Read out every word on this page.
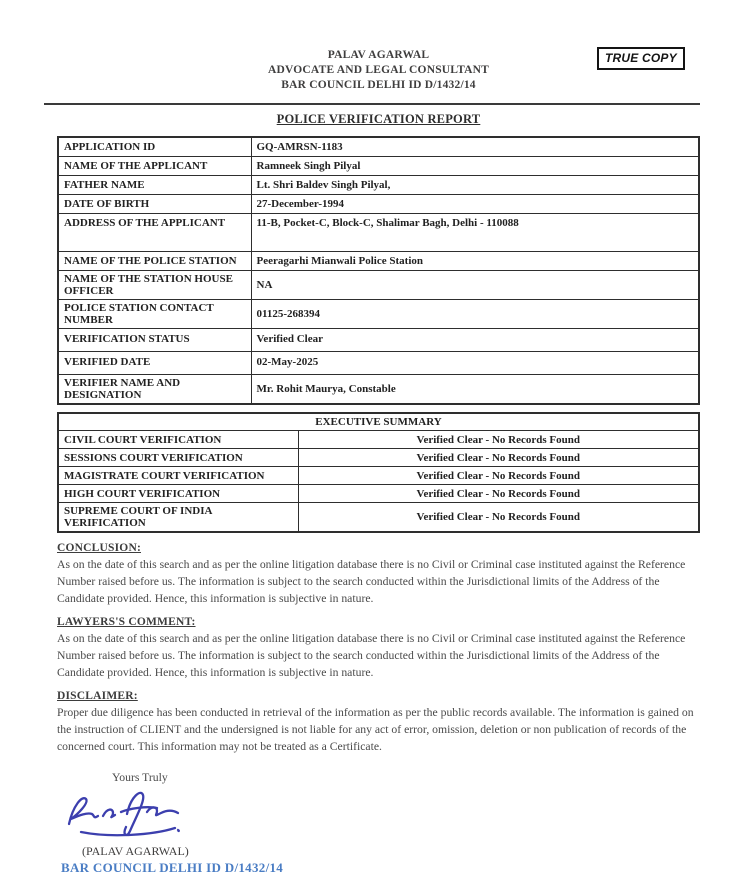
TRUE COPY
PALAV AGARWAL
ADVOCATE AND LEGAL CONSULTANT
BAR COUNCIL DELHI ID D/1432/14
POLICE VERIFICATION REPORT
APPLICATION ID	GQ-AMRSN-1183
NAME OF THE APPLICANT	Ramneek Singh Pilyal
FATHER NAME	Lt. Shri Baldev Singh Pilyal,
DATE OF BIRTH	27-December-1994
ADDRESS OF THE APPLICANT	11-B, Pocket-C, Block-C, Shalimar Bagh, Delhi - 110088
NAME OF THE POLICE STATION	Peeragarhi Mianwali Police Station
NAME OF THE STATION HOUSE OFFICER	NA
POLICE STATION CONTACT NUMBER	01125-268394
VERIFICATION STATUS	Verified Clear
VERIFIED DATE	02-May-2025
VERIFIER NAME AND DESIGNATION	Mr. Rohit Maurya, Constable
EXECUTIVE SUMMARY	
CIVIL COURT VERIFICATION	Verified Clear - No Records Found
SESSIONS COURT VERIFICATION	Verified Clear - No Records Found
MAGISTRATE COURT VERIFICATION	Verified Clear - No Records Found
HIGH COURT VERIFICATION	Verified Clear - No Records Found
SUPREME COURT OF INDIA VERIFICATION	Verified Clear - No Records Found
CONCLUSION:

As on the date of this search and as per the online litigation database there is no Civil or Criminal case instituted against the Reference Number raised before us. The information is subject to the search conducted within the Jurisdictional limits of the Address of the Candidate provided. Hence, this information is subjective in nature.

LAWYERS'S COMMENT:

As on the date of this search and as per the online litigation database there is no Civil or Criminal case instituted against the Reference Number raised before us. The information is subject to the search conducted within the Jurisdictional limits of the Address of the Candidate provided. Hence, this information is subjective in nature.

DISCLAIMER:

Proper due diligence has been conducted in retrieval of the information as per the public records available. The information is gained on the instruction of CLIENT and the undersigned is not liable for any act of error, omission, deletion or non publication of records of the concerned court. This information may not be treated as a Certificate.

Yours Truly
(PALAV AGARWAL)
BAR COUNCIL DELHI ID D/1432/14
